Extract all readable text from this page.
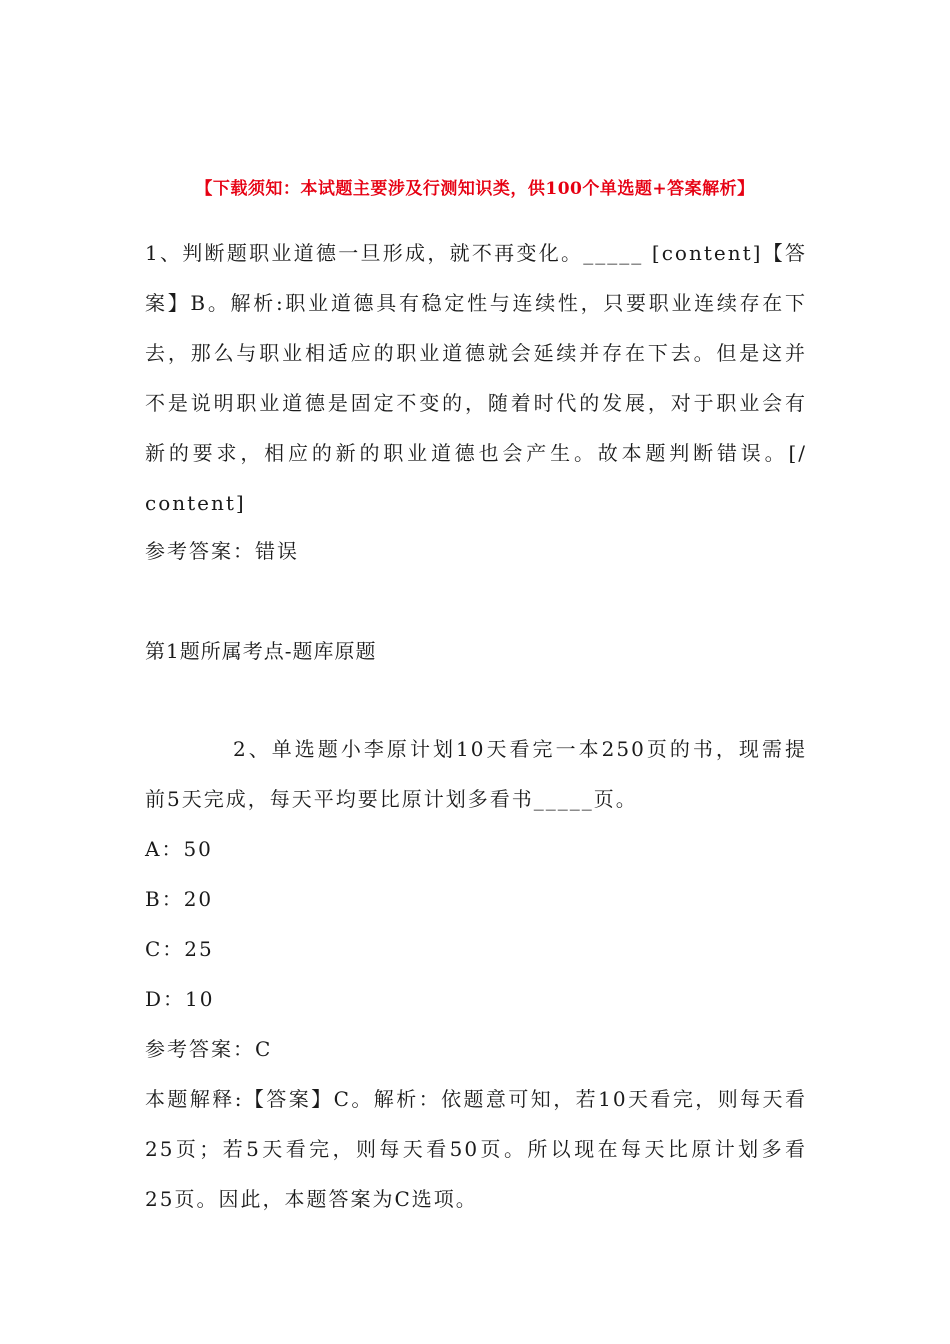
【下载须知：本试题主要涉及行测知识类，供100个单选题+答案解析】
1、判断题职业道德一旦形成，就不再变化。_____ [content]【答
案】B。解析:职业道德具有稳定性与连续性，只要职业连续存在下
去，那么与职业相适应的职业道德就会延续并存在下去。但是这并
不是说明职业道德是固定不变的，随着时代的发展，对于职业会有
新的要求，相应的新的职业道德也会产生。故本题判断错误。[/
content]
参考答案：错误
第1题所属考点-题库原题
2、单选题小李原计划10天看完一本250页的书，现需提
前5天完成，每天平均要比原计划多看书_____页。
A：50
B：20
C：25
D：10
参考答案：C
本题解释:【答案】C。解析：依题意可知，若10天看完，则每天看
25页；若5天看完，则每天看50页。所以现在每天比原计划多看
25页。因此，本题答案为C选项。
